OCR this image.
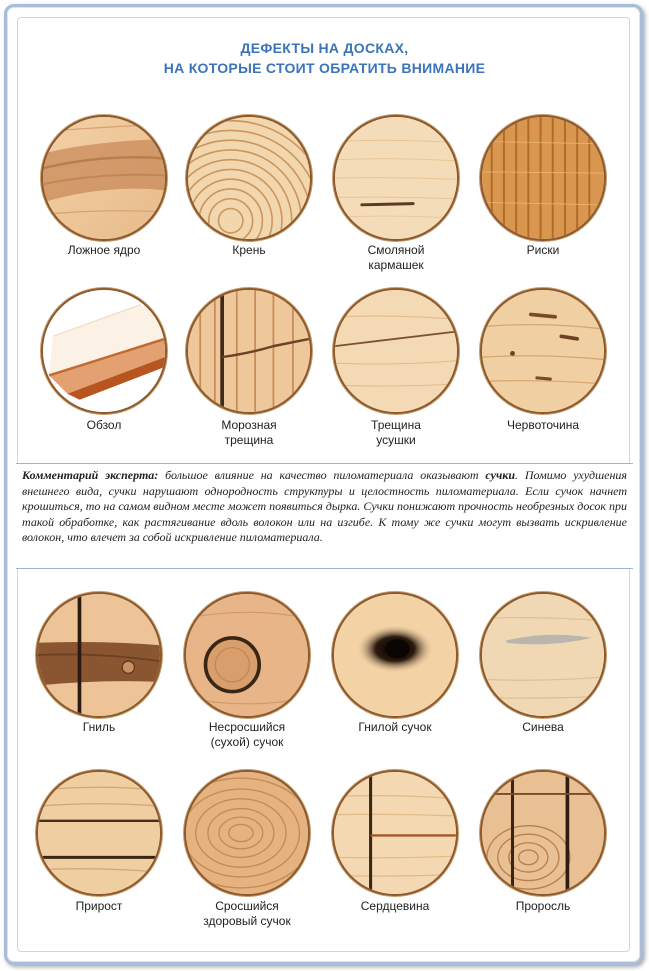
ДЕФЕКТЫ НА ДОСКАХ,
НА КОТОРЫЕ СТОИТ ОБРАТИТЬ ВНИМАНИЕ
Ложное ядро	Крень	Смоляной
кармашек
Риски
Обзол	Морозная
трещина
Трещина
усушки
Червоточина
Комментарий эксперта: большое влияние на качество пиломатериала оказывают сучки. Помимо ухудшения внешнего вида, сучки нарушают однородность структуры и целостность пиломатериала. Если сучок начнет крошиться, то на самом видном месте может появиться дырка. Сучки понижают прочность необрезных досок при такой обработке, как растягивание вдоль волокон или на изгибе. К тому же сучки могут вызвать искривление волокон, что влечет за собой искривление пиломатериала.
Гниль	Несросшийся
(сухой) сучок
Гнилой сучок	Синева
Прирост	Сросшийся
здоровый сучок
Сердцевина	Проросль
